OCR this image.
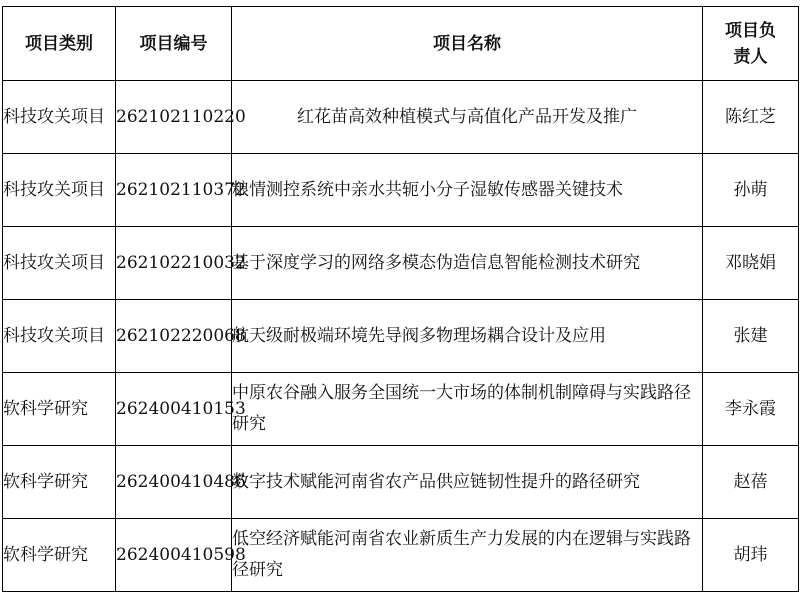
项目类别	项目编号	项目名称	项目负责人
科技攻关项目	262102110220	红花苗高效种植模式与高值化产品开发及推广	陈红芝
科技攻关项目	262102110372	粮情测控系统中亲水共轭小分子湿敏传感器关键技术	孙萌
科技攻关项目	262102210032	基于深度学习的网络多模态伪造信息智能检测技术研究	邓晓娟
科技攻关项目	262102220068	航天级耐极端环境先导阀多物理场耦合设计及应用	张建
软科学研究	262400410153	中原农谷融入服务全国统一大市场的体制机制障碍与实践路径研究	李永霞
软科学研究	262400410486	数字技术赋能河南省农产品供应链韧性提升的路径研究	赵蓓
软科学研究	262400410598	低空经济赋能河南省农业新质生产力发展的内在逻辑与实践路径研究	胡玮
